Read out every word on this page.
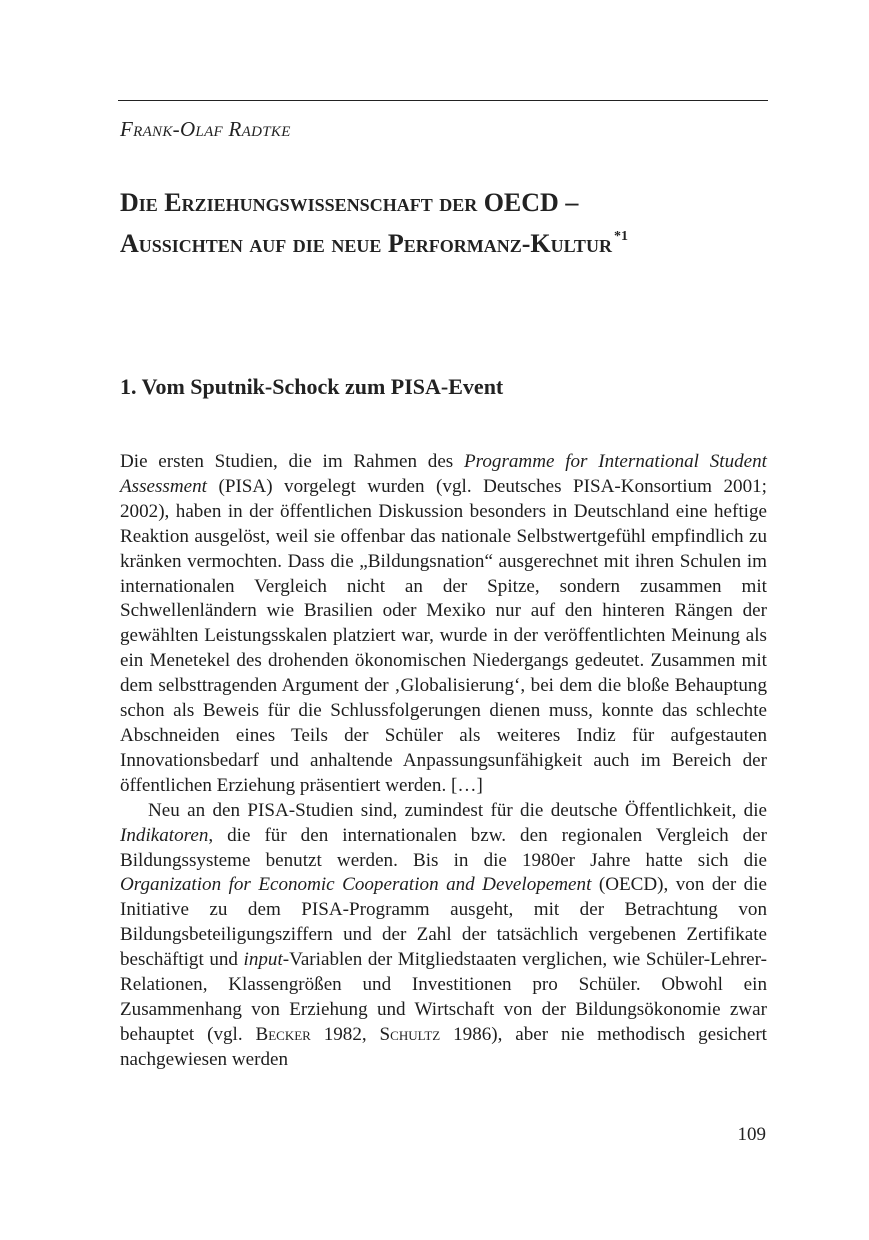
Frank-Olaf Radtke
Die Erziehungswissenschaft der OECD –
Aussichten auf die neue Performanz-Kultur $^{*1}$
1. Vom Sputnik-Schock zum PISA-Event

Die ersten Studien, die im Rahmen des Programme for International Student Assessment (PISA) vorgelegt wurden (vgl. Deutsches PISA-Konsortium 2001; 2002), haben in der öffentlichen Diskussion besonders in Deutschland eine heftige Reaktion ausgelöst, weil sie offenbar das nationale Selbstwertgefühl empfindlich zu kränken vermochten. Dass die „Bildungsnation“ ausgerechnet mit ihren Schulen im internationalen Vergleich nicht an der Spitze, sondern zusammen mit Schwellenländern wie Brasilien oder Mexiko nur auf den hinteren Rängen der gewählten Leistungsskalen platziert war, wurde in der veröffentlichten Meinung als ein Menetekel des drohenden ökonomischen Niedergangs gedeutet. Zusammen mit dem selbsttragenden Argument der ‚Globalisierung‘, bei dem die bloße Behauptung schon als Beweis für die Schlussfolgerungen dienen muss, konnte das schlechte Abschneiden eines Teils der Schüler als weiteres Indiz für aufgestauten Innovationsbedarf und anhaltende Anpassungsunfähigkeit auch im Bereich der öffentlichen Erziehung präsentiert werden. […]

Neu an den PISA-Studien sind, zumindest für die deutsche Öffentlichkeit, die Indikatoren, die für den internationalen bzw. den regionalen Vergleich der Bildungssysteme benutzt werden. Bis in die 1980er Jahre hatte sich die Organization for Economic Cooperation and Developement (OECD), von der die Initiative zu dem PISA-Programm ausgeht, mit der Betrachtung von Bildungsbeteiligungsziffern und der Zahl der tatsächlich vergebenen Zertifikate beschäftigt und input-Variablen der Mitgliedstaaten verglichen, wie Schüler-Lehrer-Relationen, Klassengrößen und Investitionen pro Schüler. Obwohl ein Zusammenhang von Erziehung und Wirtschaft von der Bildungsökonomie zwar behauptet (vgl. Becker 1982, Schultz 1986), aber nie methodisch gesichert nachgewiesen werden

109
